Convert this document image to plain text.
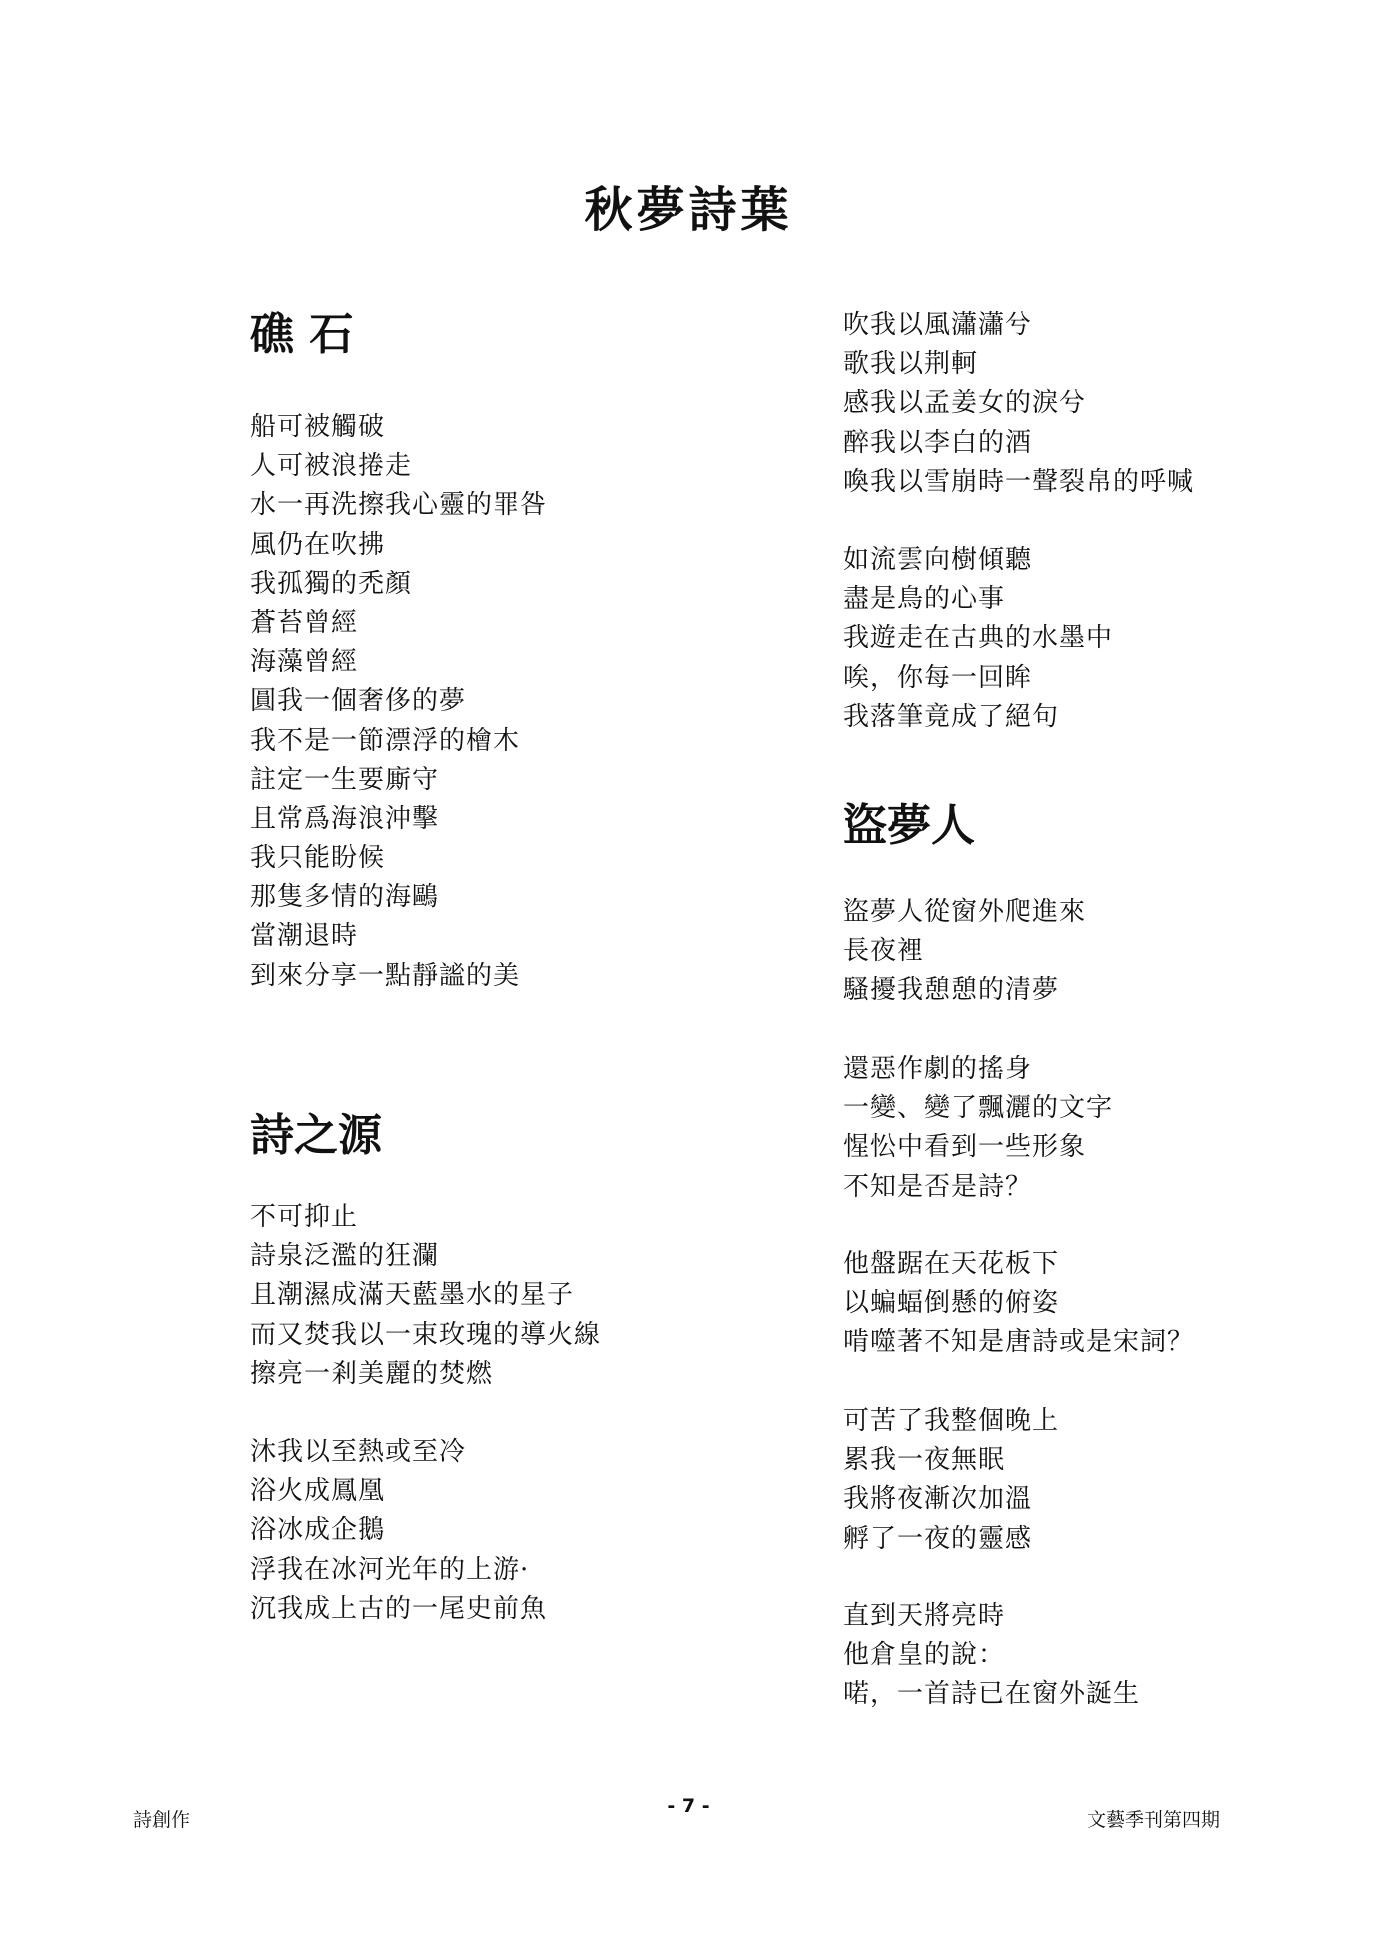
秋夢詩葉
礁 石
船可被觸破
人可被浪捲走
水一再洗擦我心靈的罪咎
風仍在吹拂
我孤獨的禿顏
蒼苔曾經
海藻曾經
圓我一個奢侈的夢
我不是一節漂浮的檜木
註定一生要廝守
且常爲海浪沖擊
我只能盼候
那隻多情的海鷗
當潮退時
到來分享一點靜謐的美
詩之源
不可抑止
詩泉泛濫的狂瀾
且潮濕成滿天藍墨水的星子
而又焚我以一束玫瑰的導火線
擦亮一剎美麗的焚燃
沐我以至熱或至冷
浴火成鳳凰
浴冰成企鵝
浮我在冰河光年的上游·
沉我成上古的一尾史前魚
吹我以風瀟瀟兮
歌我以荆軻
感我以孟姜女的淚兮
醉我以李白的酒
喚我以雪崩時一聲裂帛的呼喊
如流雲向樹傾聽
盡是鳥的心事
我遊走在古典的水墨中
唉，你每一回眸
我落筆竟成了絕句
盜夢人
盜夢人從窗外爬進來
長夜裡
騷擾我憩憩的清夢
還惡作劇的搖身
一變、變了飄灑的文字
惺忪中看到一些形象
不知是否是詩？
他盤踞在天花板下
以蝙蝠倒懸的俯姿
啃噬著不知是唐詩或是宋詞？
可苦了我整個晚上
累我一夜無眠
我將夜漸次加溫
孵了一夜的靈感
直到天將亮時
他倉皇的說：
喏，一首詩已在窗外誕生
- 7 -
詩創作	文藝季刊第四期
